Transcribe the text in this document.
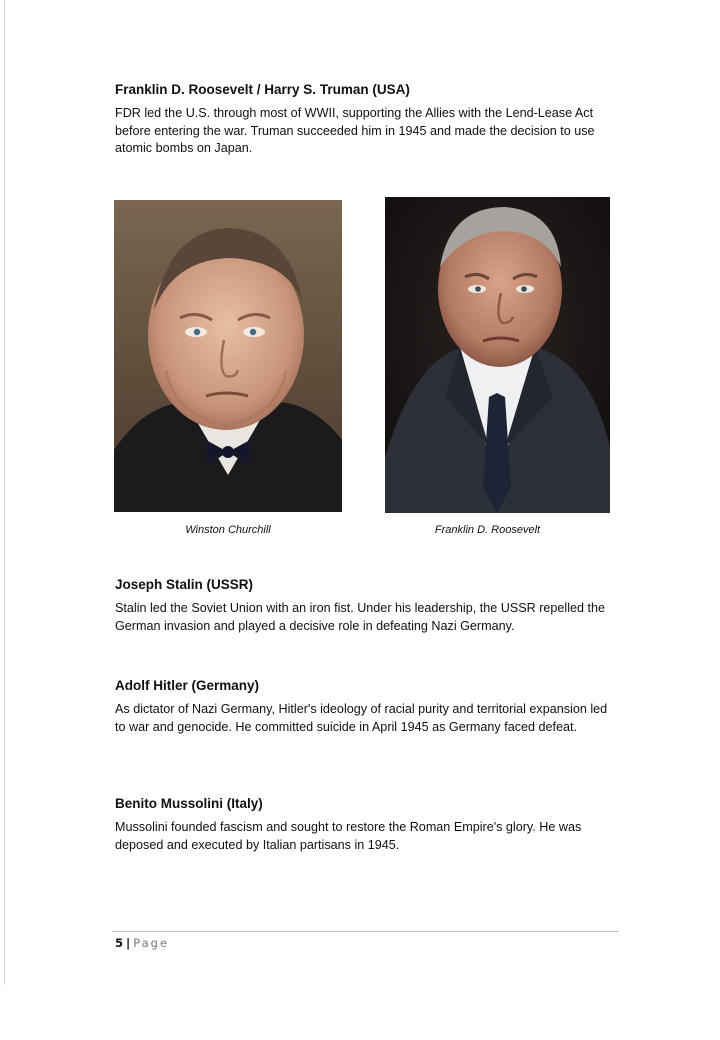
Franklin D. Roosevelt / Harry S. Truman (USA)

FDR led the U.S. through most of WWII, supporting the Allies with the Lend-Lease Act before entering the war. Truman succeeded him in 1945 and made the decision to use atomic bombs on Japan.

Joseph Stalin (USSR)

Stalin led the Soviet Union with an iron fist. Under his leadership, the USSR repelled the German invasion and played a decisive role in defeating Nazi Germany.

Adolf Hitler (Germany)

As dictator of Nazi Germany, Hitler's ideology of racial purity and territorial expansion led to war and genocide. He committed suicide in April 1945 as Germany faced defeat.

Benito Mussolini (Italy)

Mussolini founded fascism and sought to restore the Roman Empire's glory. He was deposed and executed by Italian partisans in 1945.

Winston Churchill	Franklin D. Roosevelt
5 | Page
